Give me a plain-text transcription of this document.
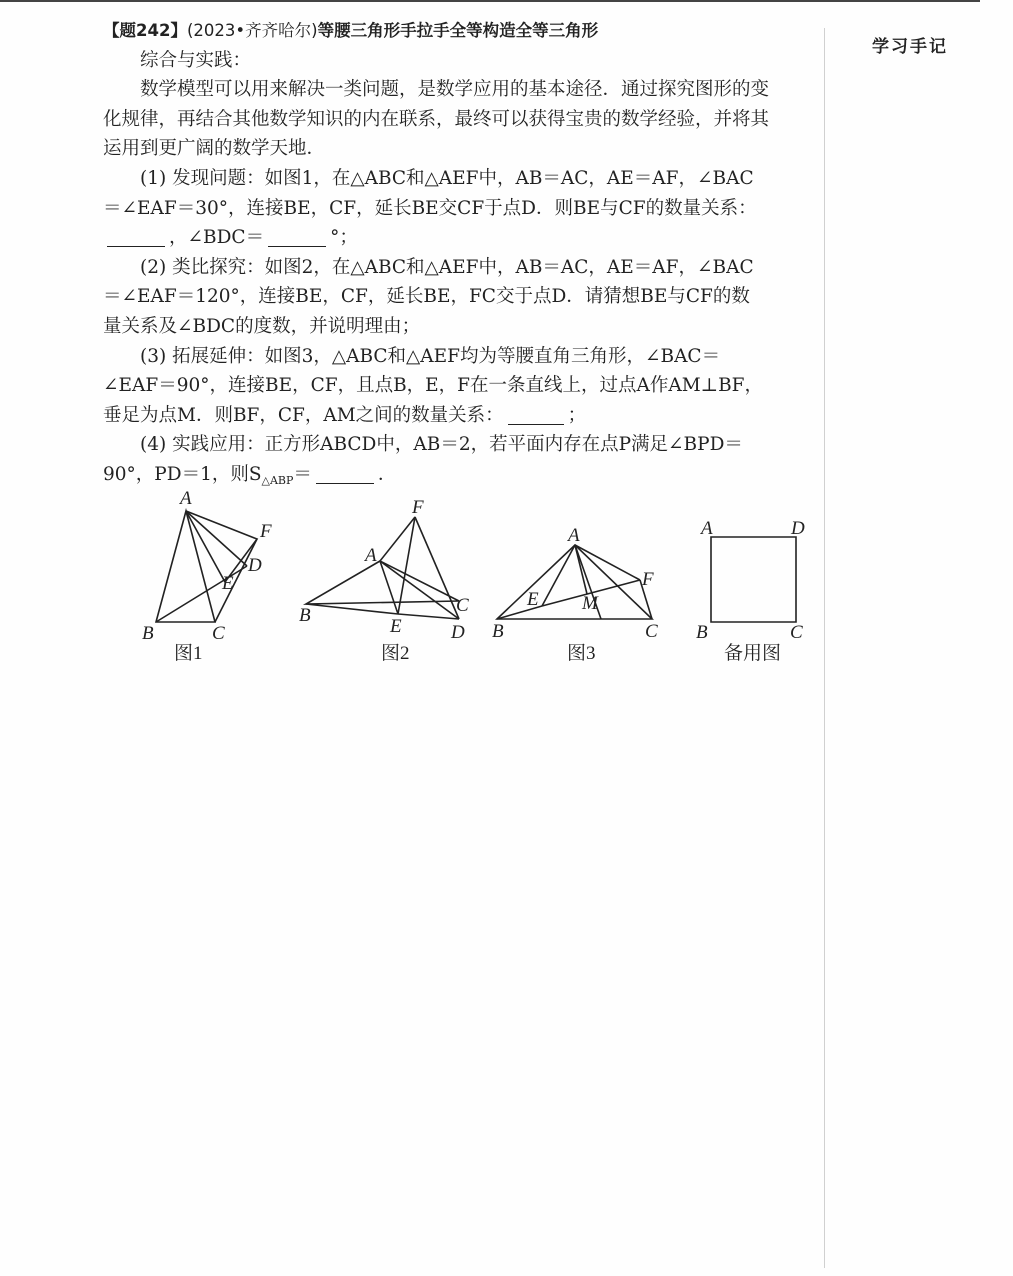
学习手记
【题242】(2023•齐齐哈尔)等腰三角形手拉手全等构造全等三角形
综合与实践：
数学模型可以用来解决一类问题，是数学应用的基本途径．通过探究图形的变
化规律，再结合其他数学知识的内在联系，最终可以获得宝贵的数学经验，并将其
运用到更广阔的数学天地．
(1) 发现问题：如图1，在△ABC和△AEF中，AB＝AC，AE＝AF，∠BAC
＝∠EAF＝30°，连接BE，CF，延长BE交CF于点D．则BE与CF的数量关系：
，∠BDC＝	°；
(2) 类比探究：如图2，在△ABC和△AEF中，AB＝AC，AE＝AF，∠BAC
＝∠EAF＝120°，连接BE，CF，延长BE，FC交于点D．请猜想BE与CF的数
量关系及∠BDC的度数，并说明理由；
(3) 拓展延伸：如图3，△ABC和△AEF均为等腰直角三角形，∠BAC＝
∠EAF＝90°，连接BE，CF，且点B，E，F在一条直线上，过点A作AM⊥BF，
垂足为点M．则BF，CF，AM之间的数量关系：	；
(4) 实践应用：正方形ABCD中，AB＝2，若平面内存在点P满足∠BPD＝
90°，PD＝1，则$S_{\triangle ABP}=$	．
A
B	C
D
E
F
图1
A
B	C
D
E
F
图2
A
B	C
E
F
M
图3
A	D
B	C
备用图
